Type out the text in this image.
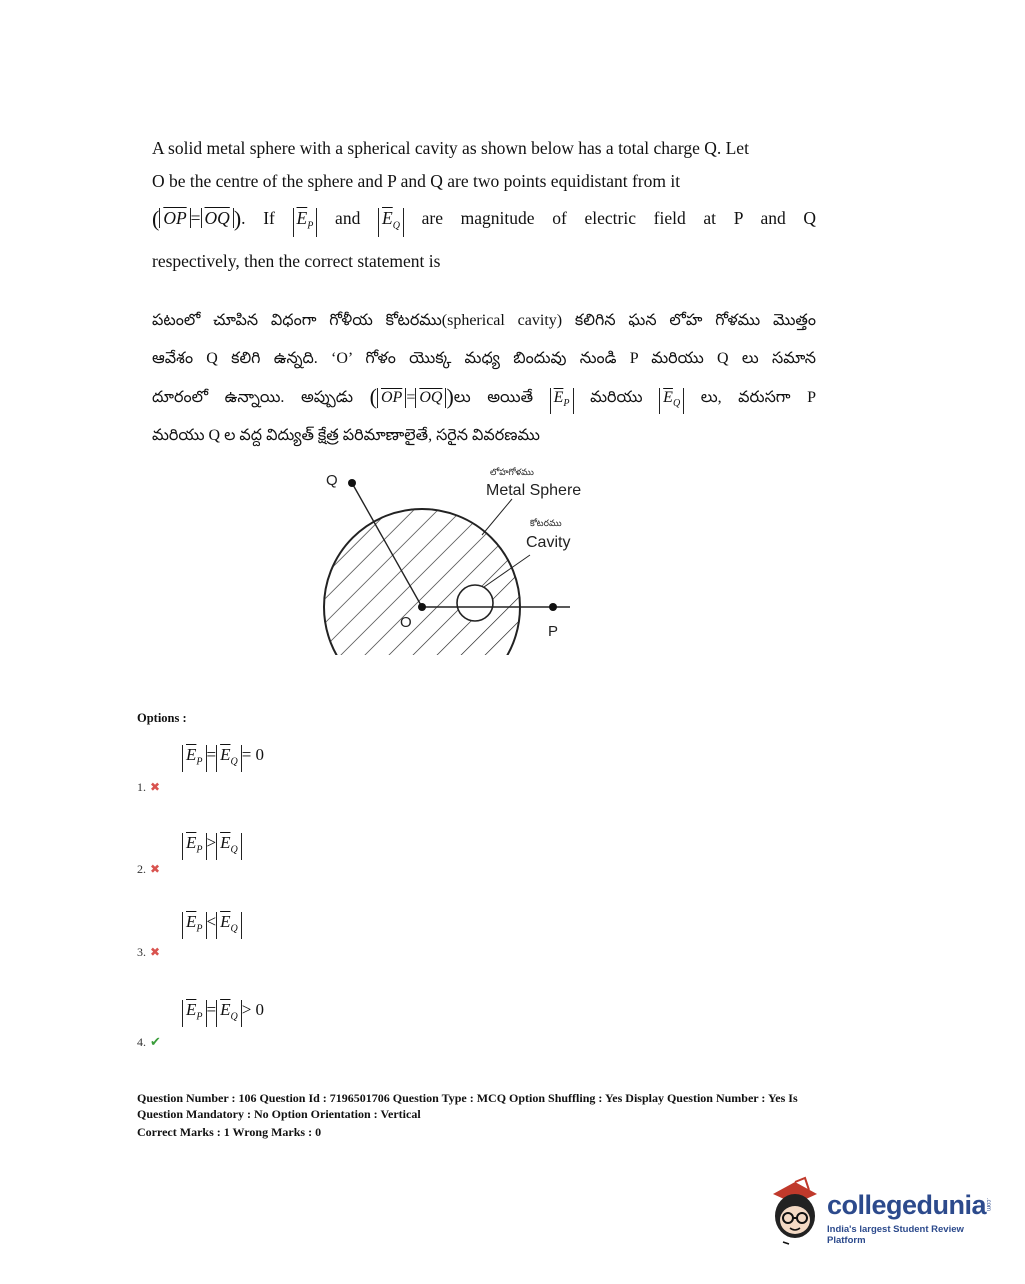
A solid metal sphere with a spherical cavity as shown below has a total charge Q. Let
O be the centre of the sphere and P and Q are two points equidistant from it
( $\overline{OP} = \overline{OQ}$ ). If $\overline{E}_P$ and $\overline{E}_Q$ are magnitude of electric field at P and Q
respectively, then the correct statement is
పటంలో చూపిన విధంగా గోళీయ కోటరము(spherical cavity) కలిగిన ఘన లోహ గోళము మొత్తం
ఆవేశం Q కలిగి ఉన్నది. ‘O’ గోళం యొక్క మధ్య బిందువు నుండి P మరియు Q లు సమాన
దూరంలో ఉన్నాయి. అప్పుడు ( $\overline{OP} = \overline{OQ}$ )లు అయితే $\overline{E}_P$ మరియు $\overline{E}_Q$ లు, వరుసగా P
మరియు Q ల వద్ద విద్యుత్ క్షేత్ర పరిమాణాలైతే, సరైన వివరణము
Q
O
P
లోహగోళము
Metal Sphere
కోటరము
Cavity
Options :
$\overline{E}_P = \overline{E}_Q = 0$
1. ✖
$\overline{E}_P > \overline{E}_Q$
2. ✖
$\overline{E}_P < \overline{E}_Q$
3. ✖
$\overline{E}_P = \overline{E}_Q > 0$
4. ✔
Question Number : 106 Question Id : 7196501706 Question Type : MCQ Option Shuffling : Yes Display Question Number : Yes Is
Question Mandatory : No Option Orientation : Vertical
Correct Marks : 1 Wrong Marks : 0
collegedunia
.com
India's largest Student Review Platform
